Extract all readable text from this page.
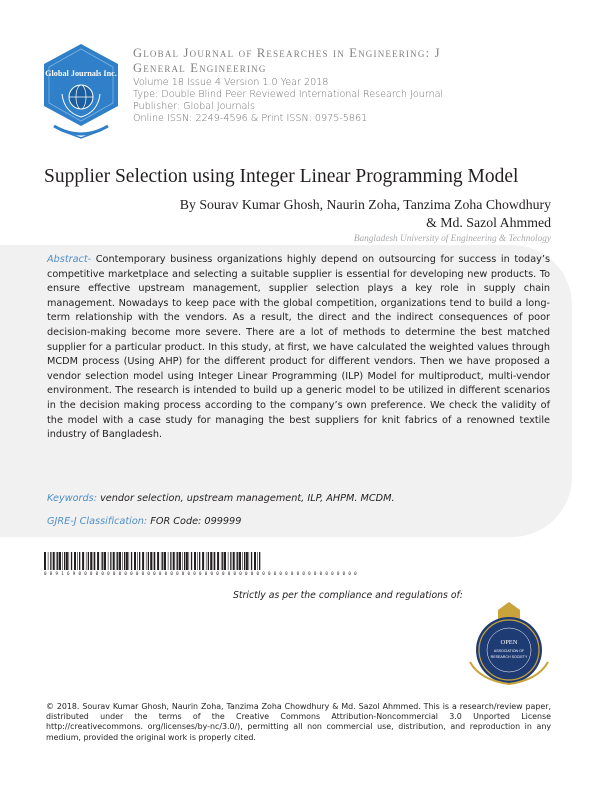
Global Journals Inc.
Global Journal of Researches in Engineering: J
General Engineering
Volume 18 Issue 4 Version 1.0 Year 2018
Type: Double Blind Peer Reviewed International Research Journal
Publisher: Global Journals
Online ISSN: 2249-4596 & Print ISSN: 0975-5861
Supplier Selection using Integer Linear Programming Model
By Sourav Kumar Ghosh, Naurin Zoha, Tanzima Zoha Chowdhury
& Md. Sazol Ahmmed
Bangladesh University of Engineering & Technology

Abstract- Contemporary business organizations highly depend on outsourcing for success in today’s competitive marketplace and selecting a suitable supplier is essential for developing new products. To ensure effective upstream management, supplier selection plays a key role in supply chain management. Nowadays to keep pace with the global competition, organizations tend to build a long-term relationship with the vendors. As a result, the direct and the indirect consequences of poor decision-making become more severe. There are a lot of methods to determine the best matched supplier for a particular product. In this study, at first, we have calculated the weighted values through MCDM process (Using AHP) for the different product for different vendors. Then we have proposed a vendor selection model using Integer Linear Programming (ILP) Model for multiproduct, multi-vendor environment. The research is intended to build up a generic model to be utilized in different scenarios in the decision making process according to the company’s own preference. We check the validity of the model with a case study for managing the best suppliers for knit fabrics of a renowned textile industry of Bangladesh.

Keywords: vendor selection, upstream management, ILP, AHPM. MCDM.
GJRE-J Classification: FOR Code: 099999
0 8 9 1 6 9 0 0 0 0 0 0 0 0 0 0 0 0 0 0 0 0 0 0 0 0 0 0 0 0 0 0 0 0 0 0 0 0 0 0 0 0 0 0 0 0 0 0 0 0 0 0 0 0 0
Strictly as per the compliance and regulations of:
OPEN
ASSOCIATION OF
RESEARCH SOCIETY

© 2018. Sourav Kumar Ghosh, Naurin Zoha, Tanzima Zoha Chowdhury & Md. Sazol Ahmmed. This is a research/review paper, distributed under the terms of the Creative Commons Attribution-Noncommercial 3.0 Unported License http://creativecommons. org/licenses/by-nc/3.0/), permitting all non commercial use, distribution, and reproduction in any medium, provided the original work is properly cited.
